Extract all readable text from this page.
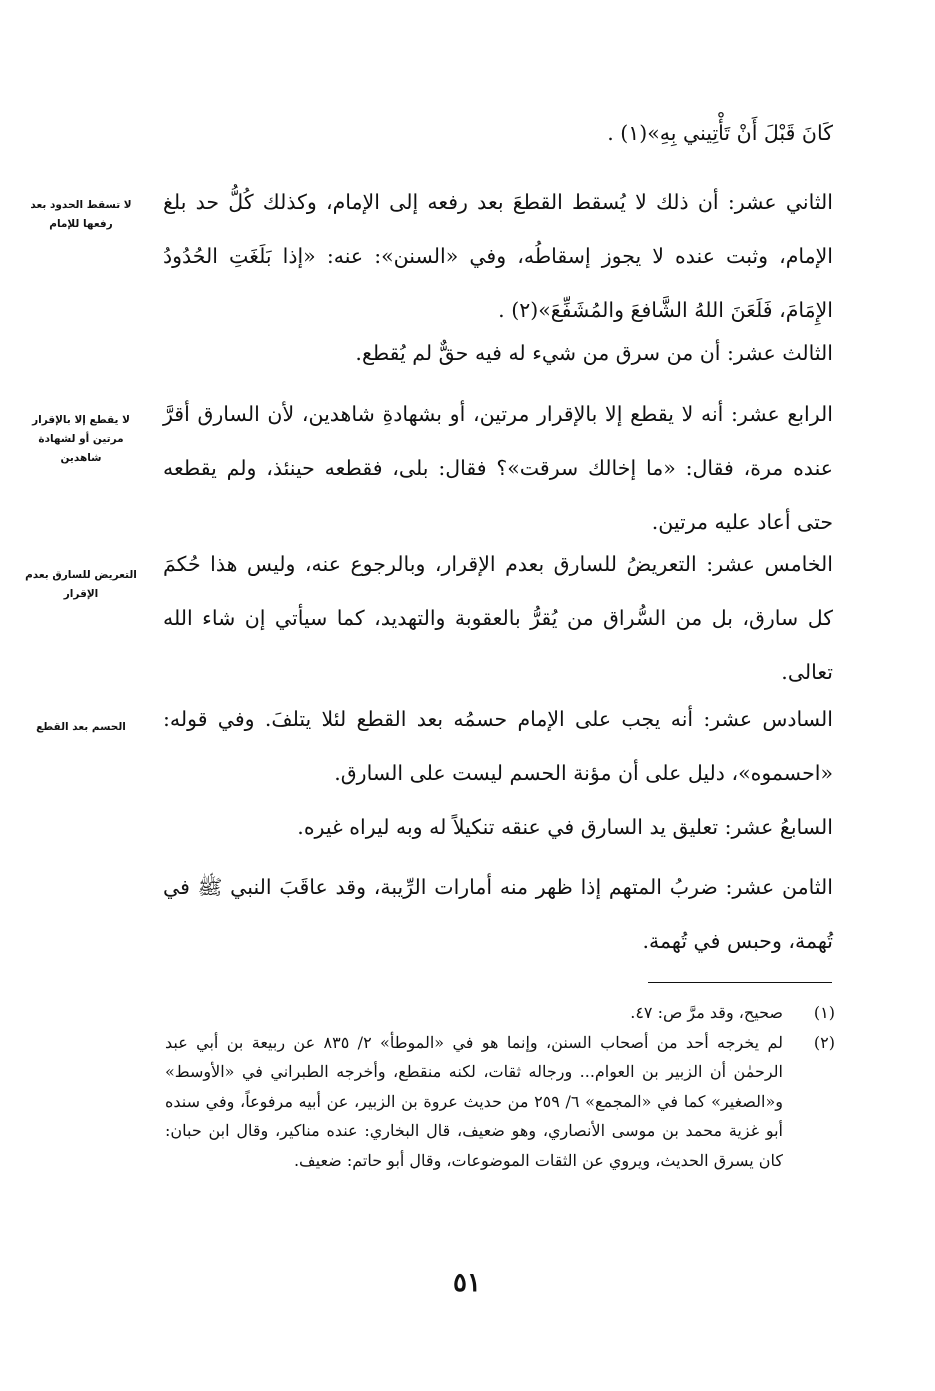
كَانَ قَبْلَ أَنْ تَأْتِيني بِهِ»(١) .

الثاني عشر: أن ذلك لا يُسقط القطعَ بعد رفعه إلى الإمام، وكذلك كُلُّ حد بلغ الإمام، وثبت عنده لا يجوز إسقاطُه، وفي «السنن»: عنه: «إذا بَلَغَتِ الحُدُودُ الإِمَامَ، فَلَعَنَ اللهُ الشَّافعَ والمُشَفِّعَ»(٢) .

الثالث عشر: أن من سرق من شيء له فيه حقٌّ لم يُقطع.

الرابع عشر: أنه لا يقطع إلا بالإقرار مرتين، أو بشهادةِ شاهدين، لأن السارق أقرَّ عنده مرة، فقال: «ما إخالك سرقت»؟ فقال: بلى، فقطعه حينئذ، ولم يقطعه حتى أعاد عليه مرتين.

الخامس عشر: التعريضُ للسارق بعدم الإقرار، وبالرجوع عنه، وليس هذا حُكمَ كل سارق، بل من السُّراق من يُقرُّ بالعقوبة والتهديد، كما سيأتي إن شاء الله تعالى.

السادس عشر: أنه يجب على الإمام حسمُه بعد القطع لئلا يتلفَ. وفي قوله: «احسموه»، دليل على أن مؤنة الحسم ليست على السارق.

السابعُ عشر: تعليق يد السارق في عنقه تنكيلاً له وبه ليراه غيره.

الثامن عشر: ضربُ المتهم إذا ظهر منه أمارات الرِّيبة، وقد عاقَبَ النبي ﷺ في تُهمة، وحبس في تُهمة.

لا تسقط الحدود بعد رفعها للإمام
لا يقطع إلا بالإقرار مرتين أو لشهادة شاهدين
التعريض للسارق بعدم الإقرار
الحسم بعد القطع
(١)
صحيح، وقد مرَّ ص: ٤٧.
(٢)
لم يخرجه أحد من أصحاب السنن، وإنما هو في «الموطأ» ٢/ ٨٣٥ عن ربيعة بن أبي عبد الرحمٰن أن الزبير بن العوام... ورجاله ثقات، لكنه منقطع، وأخرجه الطبراني في «الأوسط» و«الصغير» كما في «المجمع» ٦/ ٢٥٩ من حديث عروة بن الزبير، عن أبيه مرفوعاً، وفي سنده أبو غزية محمد بن موسى الأنصاري، وهو ضعيف، قال البخاري: عنده مناكير، وقال ابن حبان: كان يسرق الحديث، ويروي عن الثقات الموضوعات، وقال أبو حاتم: ضعيف.
٥١
